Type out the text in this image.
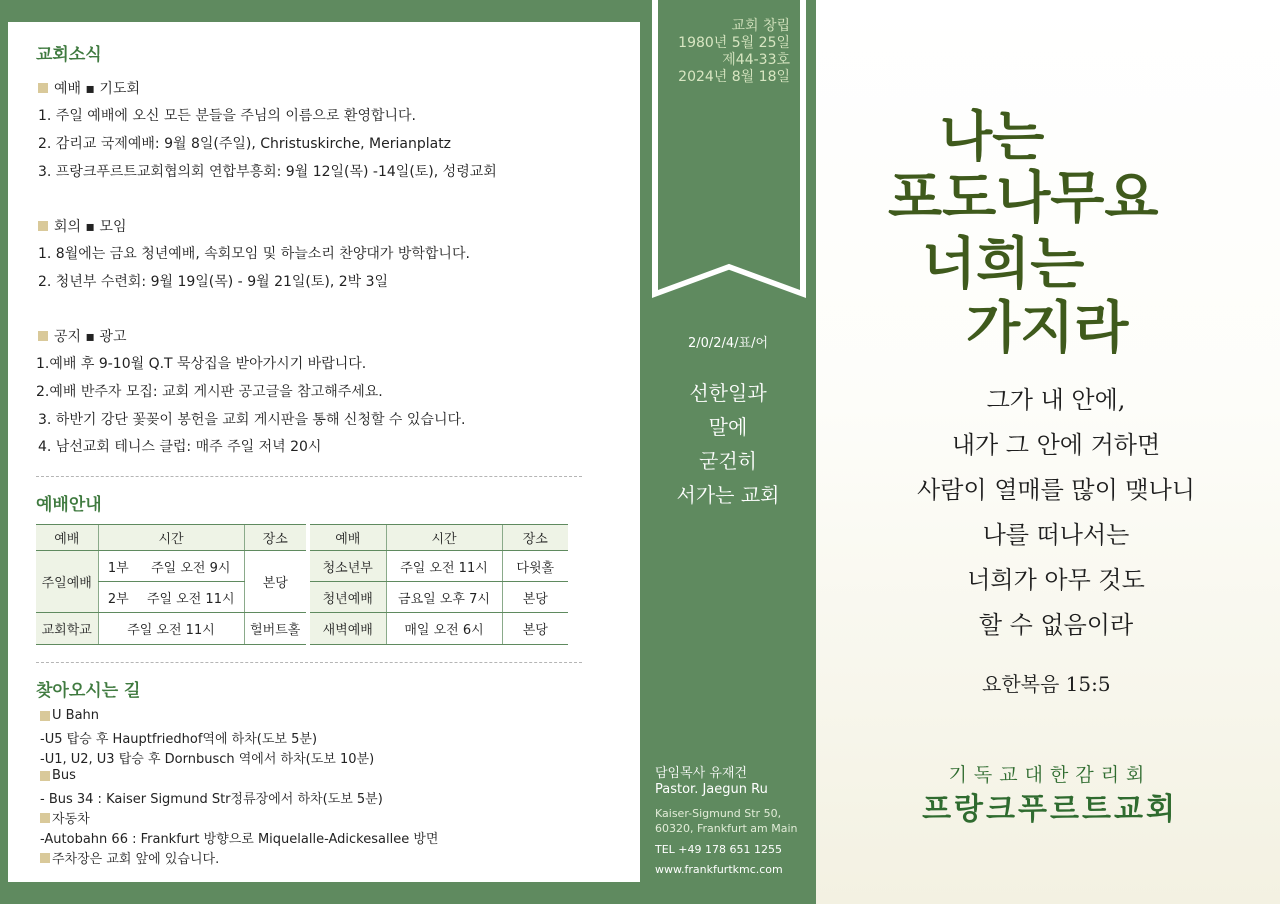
교회소식
예배 ▪ 기도회
1. 주일 예배에 오신 모든 분들을 주님의 이름으로 환영합니다.
2. 감리교 국제예배: 9월 8일(주일), Christuskirche, Merianplatz
3. 프랑크푸르트교회협의회 연합부흥회: 9월 12일(목) -14일(토), 성령교회
회의 ▪ 모임
1. 8월에는 금요 청년예배, 속회모임 및 하늘소리 찬양대가 방학합니다.
2. 청년부 수련회: 9월 19일(목) - 9월 21일(토), 2박 3일
공지 ▪ 광고
1.예배 후 9-10월 Q.T 묵상집을 받아가시기 바랍니다.
2.예배 반주자 모집: 교회 게시판 공고글을 참고해주세요.
3. 하반기 강단 꽃꽂이 봉헌을 교회 게시판을 통해 신청할 수 있습니다.
4. 남선교회 테니스 클럽: 매주 주일 저녁 20시
예배안내
예배	시간		장소
주일예배	1부	주일 오전 9시	본당
	2부	주일 오전 11시	
교회학교	주일 오전 11시		헐버트홀
예배	시간	장소
청소년부	주일 오전 11시	다윗홀
청년예배	금요일 오후 7시	본당
새벽예배	매일 오전 6시	본당
찾아오시는 길
U Bahn
-U5 탑승 후 Hauptfriedhof역에 하차(도보 5분)
-U1, U2, U3 탑승 후 Dornbusch 역에서 하차(도보 10분)
Bus
- Bus 34 : Kaiser Sigmund Str정류장에서 하차(도보 5분)
자동차
-Autobahn 66 : Frankfurt 방향으로 Miquelalle-Adickesallee 방면
주차장은 교회 앞에 있습니다.
교회 창립
1980년 5월 25일
제44-33호
2024년 8월 18일
2/0/2/4/표/어
선한일과
말에
굳건히
서가는 교회
담임목사 유재건
Pastor. Jaegun Ru
Kaiser-Sigmund Str 50,
60320, Frankfurt am Main
TEL +49 178 651 1255
www.frankfurtkmc.com
나는
포도나무요
너희는
가지라
그가 내 안에,
내가 그 안에 거하면
사람이 열매를 많이 맺나니
나를 떠나서는
너희가 아무 것도
할 수 없음이라
요한복음 15:5
기독교대한감리회
프랑크푸르트교회
